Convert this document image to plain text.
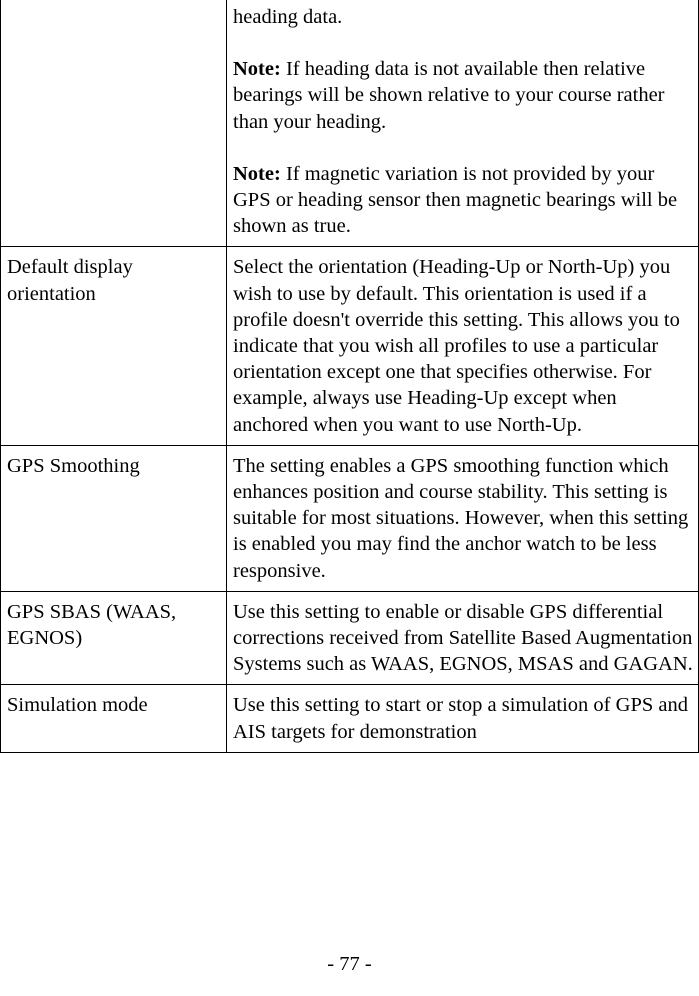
	heading data.

Note: If heading data is not available then relative bearings will be shown relative to your course rather than your heading.

Note: If magnetic variation is not provided by your GPS or heading sensor then magnetic bearings will be shown as true.

Default display orientation	Select the orientation (Heading-Up or North-Up) you wish to use by default. This orientation is used if a profile doesn't override this setting. This allows you to indicate that you wish all profiles to use a particular orientation except one that specifies otherwise. For example, always use Heading-Up except when anchored when you want to use North-Up.
GPS Smoothing	The setting enables a GPS smoothing function which enhances position and course stability. This setting is suitable for most situations. However, when this setting is enabled you may find the anchor watch to be less responsive.
GPS SBAS (WAAS, EGNOS)	Use this setting to enable or disable GPS differential corrections received from Satellite Based Augmentation Systems such as WAAS, EGNOS, MSAS and GAGAN.
Simulation mode	Use this setting to start or stop a simulation of GPS and AIS targets for demonstration
- 77 -
